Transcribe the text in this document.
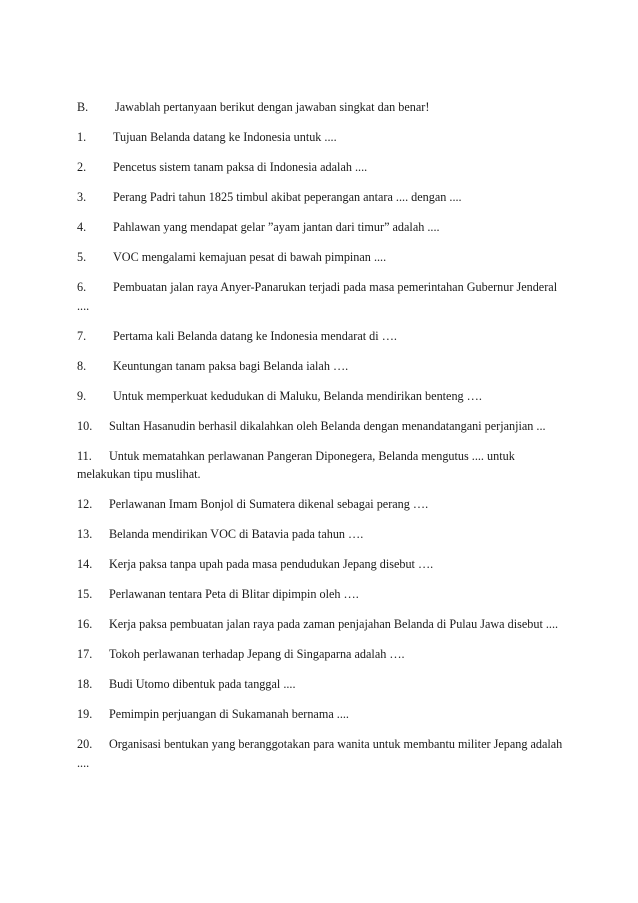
B. Jawablah pertanyaan berikut dengan jawaban singkat dan benar!

1. Tujuan Belanda datang ke Indonesia untuk ....

2. Pencetus sistem tanam paksa di Indonesia adalah ....

3. Perang Padri tahun 1825 timbul akibat peperangan antara .... dengan ....

4. Pahlawan yang mendapat gelar ”ayam jantan dari timur” adalah ....

5. VOC mengalami kemajuan pesat di bawah pimpinan ....

6. Pembuatan jalan raya Anyer-Panarukan terjadi pada masa pemerintahan Gubernur Jenderal ....

7. Pertama kali Belanda datang ke Indonesia mendarat di ….

8. Keuntungan tanam paksa bagi Belanda ialah ….

9. Untuk memperkuat kedudukan di Maluku, Belanda mendirikan benteng ….

10. Sultan Hasanudin berhasil dikalahkan oleh Belanda dengan menandatangani perjanjian ...

11. Untuk mematahkan perlawanan Pangeran Diponegera, Belanda mengutus .... untuk melakukan tipu muslihat.

12. Perlawanan Imam Bonjol di Sumatera dikenal sebagai perang ….

13. Belanda mendirikan VOC di Batavia pada tahun ….

14. Kerja paksa tanpa upah pada masa pendudukan Jepang disebut ….

15. Perlawanan tentara Peta di Blitar dipimpin oleh ….

16. Kerja paksa pembuatan jalan raya pada zaman penjajahan Belanda di Pulau Jawa disebut ....

17. Tokoh perlawanan terhadap Jepang di Singaparna adalah ….

18. Budi Utomo dibentuk pada tanggal ....

19. Pemimpin perjuangan di Sukamanah bernama ....

20. Organisasi bentukan yang beranggotakan para wanita untuk membantu militer Jepang adalah ....
